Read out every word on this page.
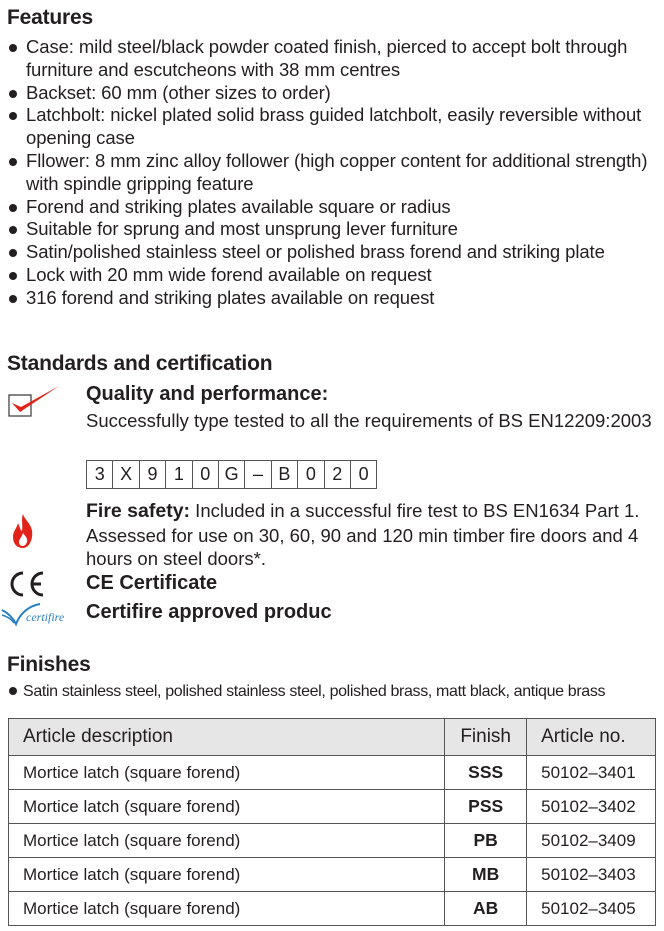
Features
Case: mild steel/black powder coated finish, pierced to accept bolt through furniture and escutcheons with 38 mm centres
Backset: 60 mm (other sizes to order)
Latchbolt: nickel plated solid brass guided latchbolt, easily reversible without opening case
Fllower: 8 mm zinc alloy follower (high copper content for additional strength) with spindle gripping feature
Forend and striking plates available square or radius
Suitable for sprung and most unsprung lever furniture
Satin/polished stainless steel or polished brass forend and striking plate
Lock with 20 mm wide forend available on request
316 forend and striking plates available on request
Standards and certification
Quality and performance:
Successfully type tested to all the requirements of BS EN12209:2003
3 X 9 1 0 G – B 0 2 0
Fire safety: Included in a successful fire test to BS EN1634 Part 1. Assessed for use on 30, 60, 90 and 120 min timber fire doors and 4 hours on steel doors*.
CE Certificate
certifire Certifire approved produc
Finishes
Satin stainless steel, polished stainless steel, polished brass, matt black, antique brass
Article description	Finish	Article no.
Mortice latch (square forend)	SSS	50102–3401
Mortice latch (square forend)	PSS	50102–3402
Mortice latch (square forend)	PB	50102–3409
Mortice latch (square forend)	MB	50102–3403
Mortice latch (square forend)	AB	50102–3405
